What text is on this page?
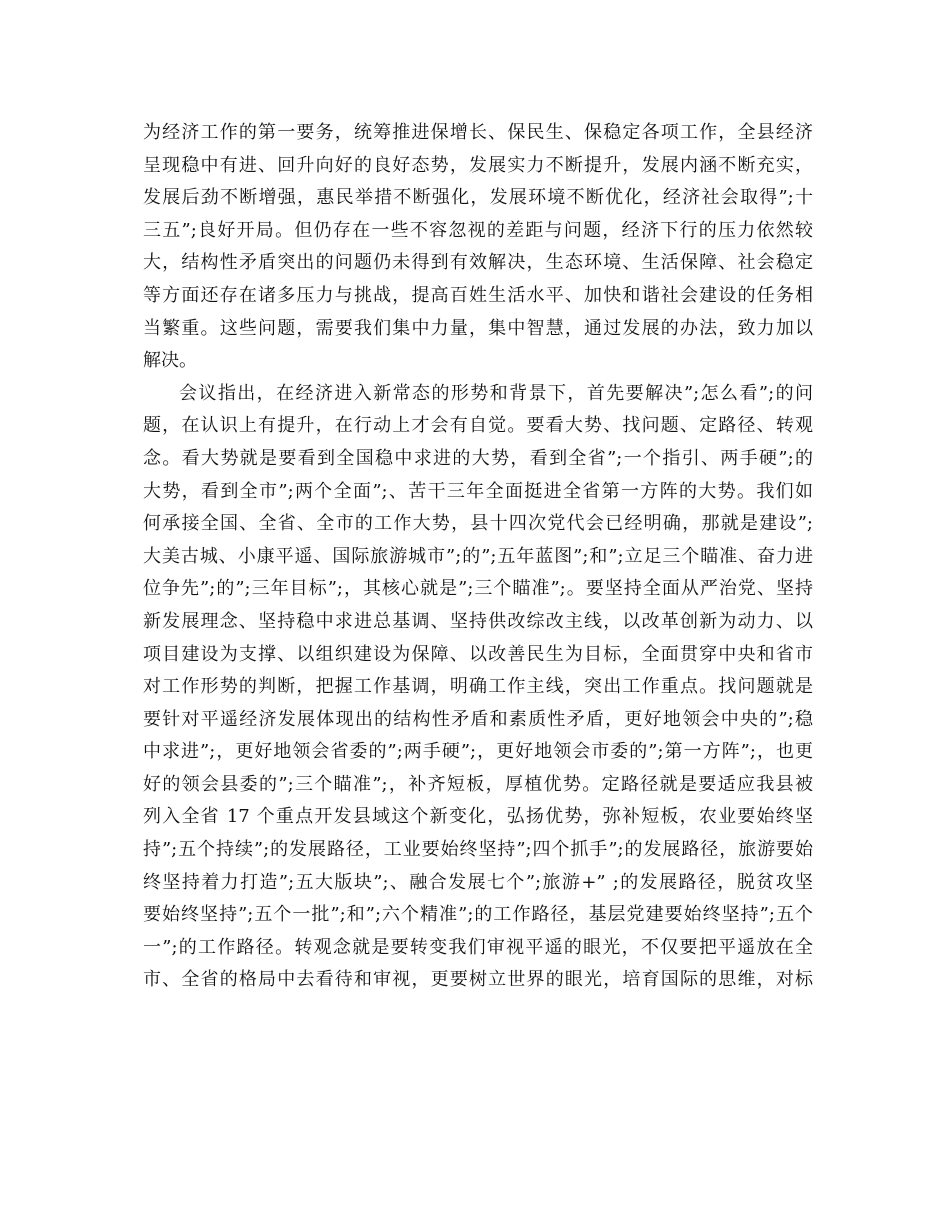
为经济工作的第一要务，统筹推进保增长、保民生、保稳定各项工作，全县经济
呈现稳中有进、回升向好的良好态势，发展实力不断提升，发展内涵不断充实，
发展后劲不断增强，惠民举措不断强化，发展环境不断优化，经济社会取得”;十
三五”;良好开局。但仍存在一些不容忽视的差距与问题，经济下行的压力依然较
大，结构性矛盾突出的问题仍未得到有效解决，生态环境、生活保障、社会稳定
等方面还存在诸多压力与挑战，提高百姓生活水平、加快和谐社会建设的任务相
当繁重。这些问题，需要我们集中力量，集中智慧，通过发展的办法，致力加以
解决。
会议指出，在经济进入新常态的形势和背景下，首先要解决”;怎么看”;的问
题，在认识上有提升，在行动上才会有自觉。要看大势、找问题、定路径、转观
念。看大势就是要看到全国稳中求进的大势，看到全省”;一个指引、两手硬”;的
大势，看到全市”;两个全面”;、苦干三年全面挺进全省第一方阵的大势。我们如
何承接全国、全省、全市的工作大势，县十四次党代会已经明确，那就是建设”;
大美古城、小康平遥、国际旅游城市”;的”;五年蓝图”;和”;立足三个瞄准、奋力进
位争先”;的”;三年目标”;，其核心就是”;三个瞄准”;。要坚持全面从严治党、坚持
新发展理念、坚持稳中求进总基调、坚持供改综改主线，以改革创新为动力、以
项目建设为支撑、以组织建设为保障、以改善民生为目标，全面贯穿中央和省市
对工作形势的判断，把握工作基调，明确工作主线，突出工作重点。找问题就是
要针对平遥经济发展体现出的结构性矛盾和素质性矛盾，更好地领会中央的”;稳
中求进”;，更好地领会省委的”;两手硬”;，更好地领会市委的”;第一方阵”;，也更
好的领会县委的”;三个瞄准”;，补齐短板，厚植优势。定路径就是要适应我县被
列入全省 17 个重点开发县域这个新变化，弘扬优势，弥补短板，农业要始终坚
持”;五个持续”;的发展路径，工业要始终坚持”;四个抓手”;的发展路径，旅游要始
终坚持着力打造”;五大版块”;、融合发展七个”;旅游+” ;的发展路径，脱贫攻坚
要始终坚持”;五个一批”;和”;六个精准”;的工作路径，基层党建要始终坚持”;五个
一”;的工作路径。转观念就是要转变我们审视平遥的眼光，不仅要把平遥放在全
市、全省的格局中去看待和审视，更要树立世界的眼光，培育国际的思维，对标
